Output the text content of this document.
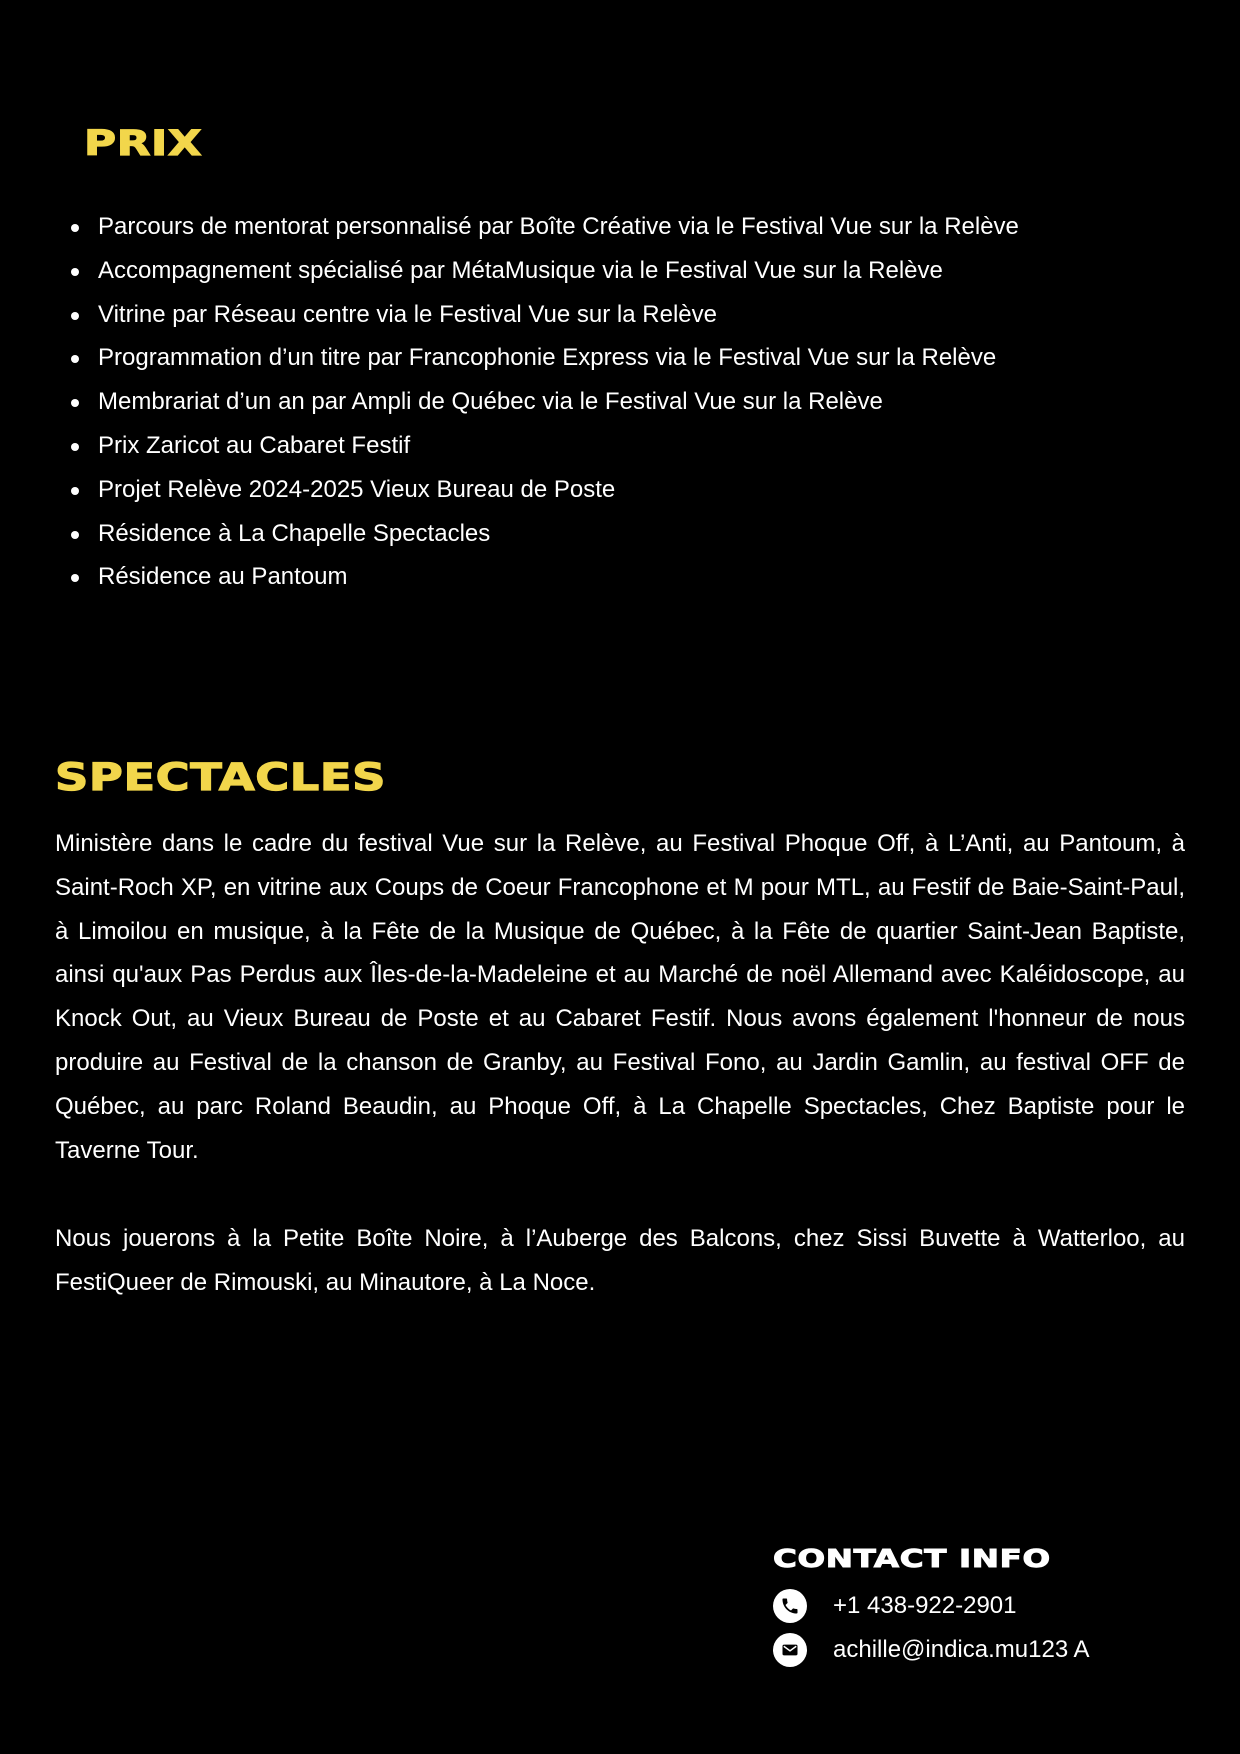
PRIX
Parcours de mentorat personnalisé par Boîte Créative via le Festival Vue sur la Relève
Accompagnement spécialisé par MétaMusique via le Festival Vue sur la Relève
Vitrine par Réseau centre via le Festival Vue sur la Relève
Programmation d’un titre par Francophonie Express via le Festival Vue sur la Relève
Membrariat d’un an par Ampli de Québec via le Festival Vue sur la Relève
Prix Zaricot au Cabaret Festif
Projet Relève 2024-2025 Vieux Bureau de Poste
Résidence à La Chapelle Spectacles
Résidence au Pantoum
SPECTACLES

Ministère dans le cadre du festival Vue sur la Relève, au Festival Phoque Off, à L’Anti, au Pantoum, à Saint-Roch XP, en vitrine aux Coups de Coeur Francophone et M pour MTL, au Festif de Baie-Saint-Paul, à Limoilou en musique, à la Fête de la Musique de Québec, à la Fête de quartier Saint-Jean Baptiste, ainsi qu'aux Pas Perdus aux Îles-de-la-Madeleine et au Marché de noël Allemand avec Kaléidoscope, au Knock Out, au Vieux Bureau de Poste et au Cabaret Festif. Nous avons également l'honneur de nous produire au Festival de la chanson de Granby, au Festival Fono, au Jardin Gamlin, au festival OFF de Québec, au parc Roland Beaudin, au Phoque Off, à La Chapelle Spectacles, Chez Baptiste pour le Taverne Tour.

Nous jouerons à la Petite Boîte Noire, à l’Auberge des Balcons, chez Sissi Buvette à Watterloo, au FestiQueer de Rimouski, au Minautore, à La Noce.

CONTACT INFO
+1 438-922-2901
achille@indica.mu123 A
